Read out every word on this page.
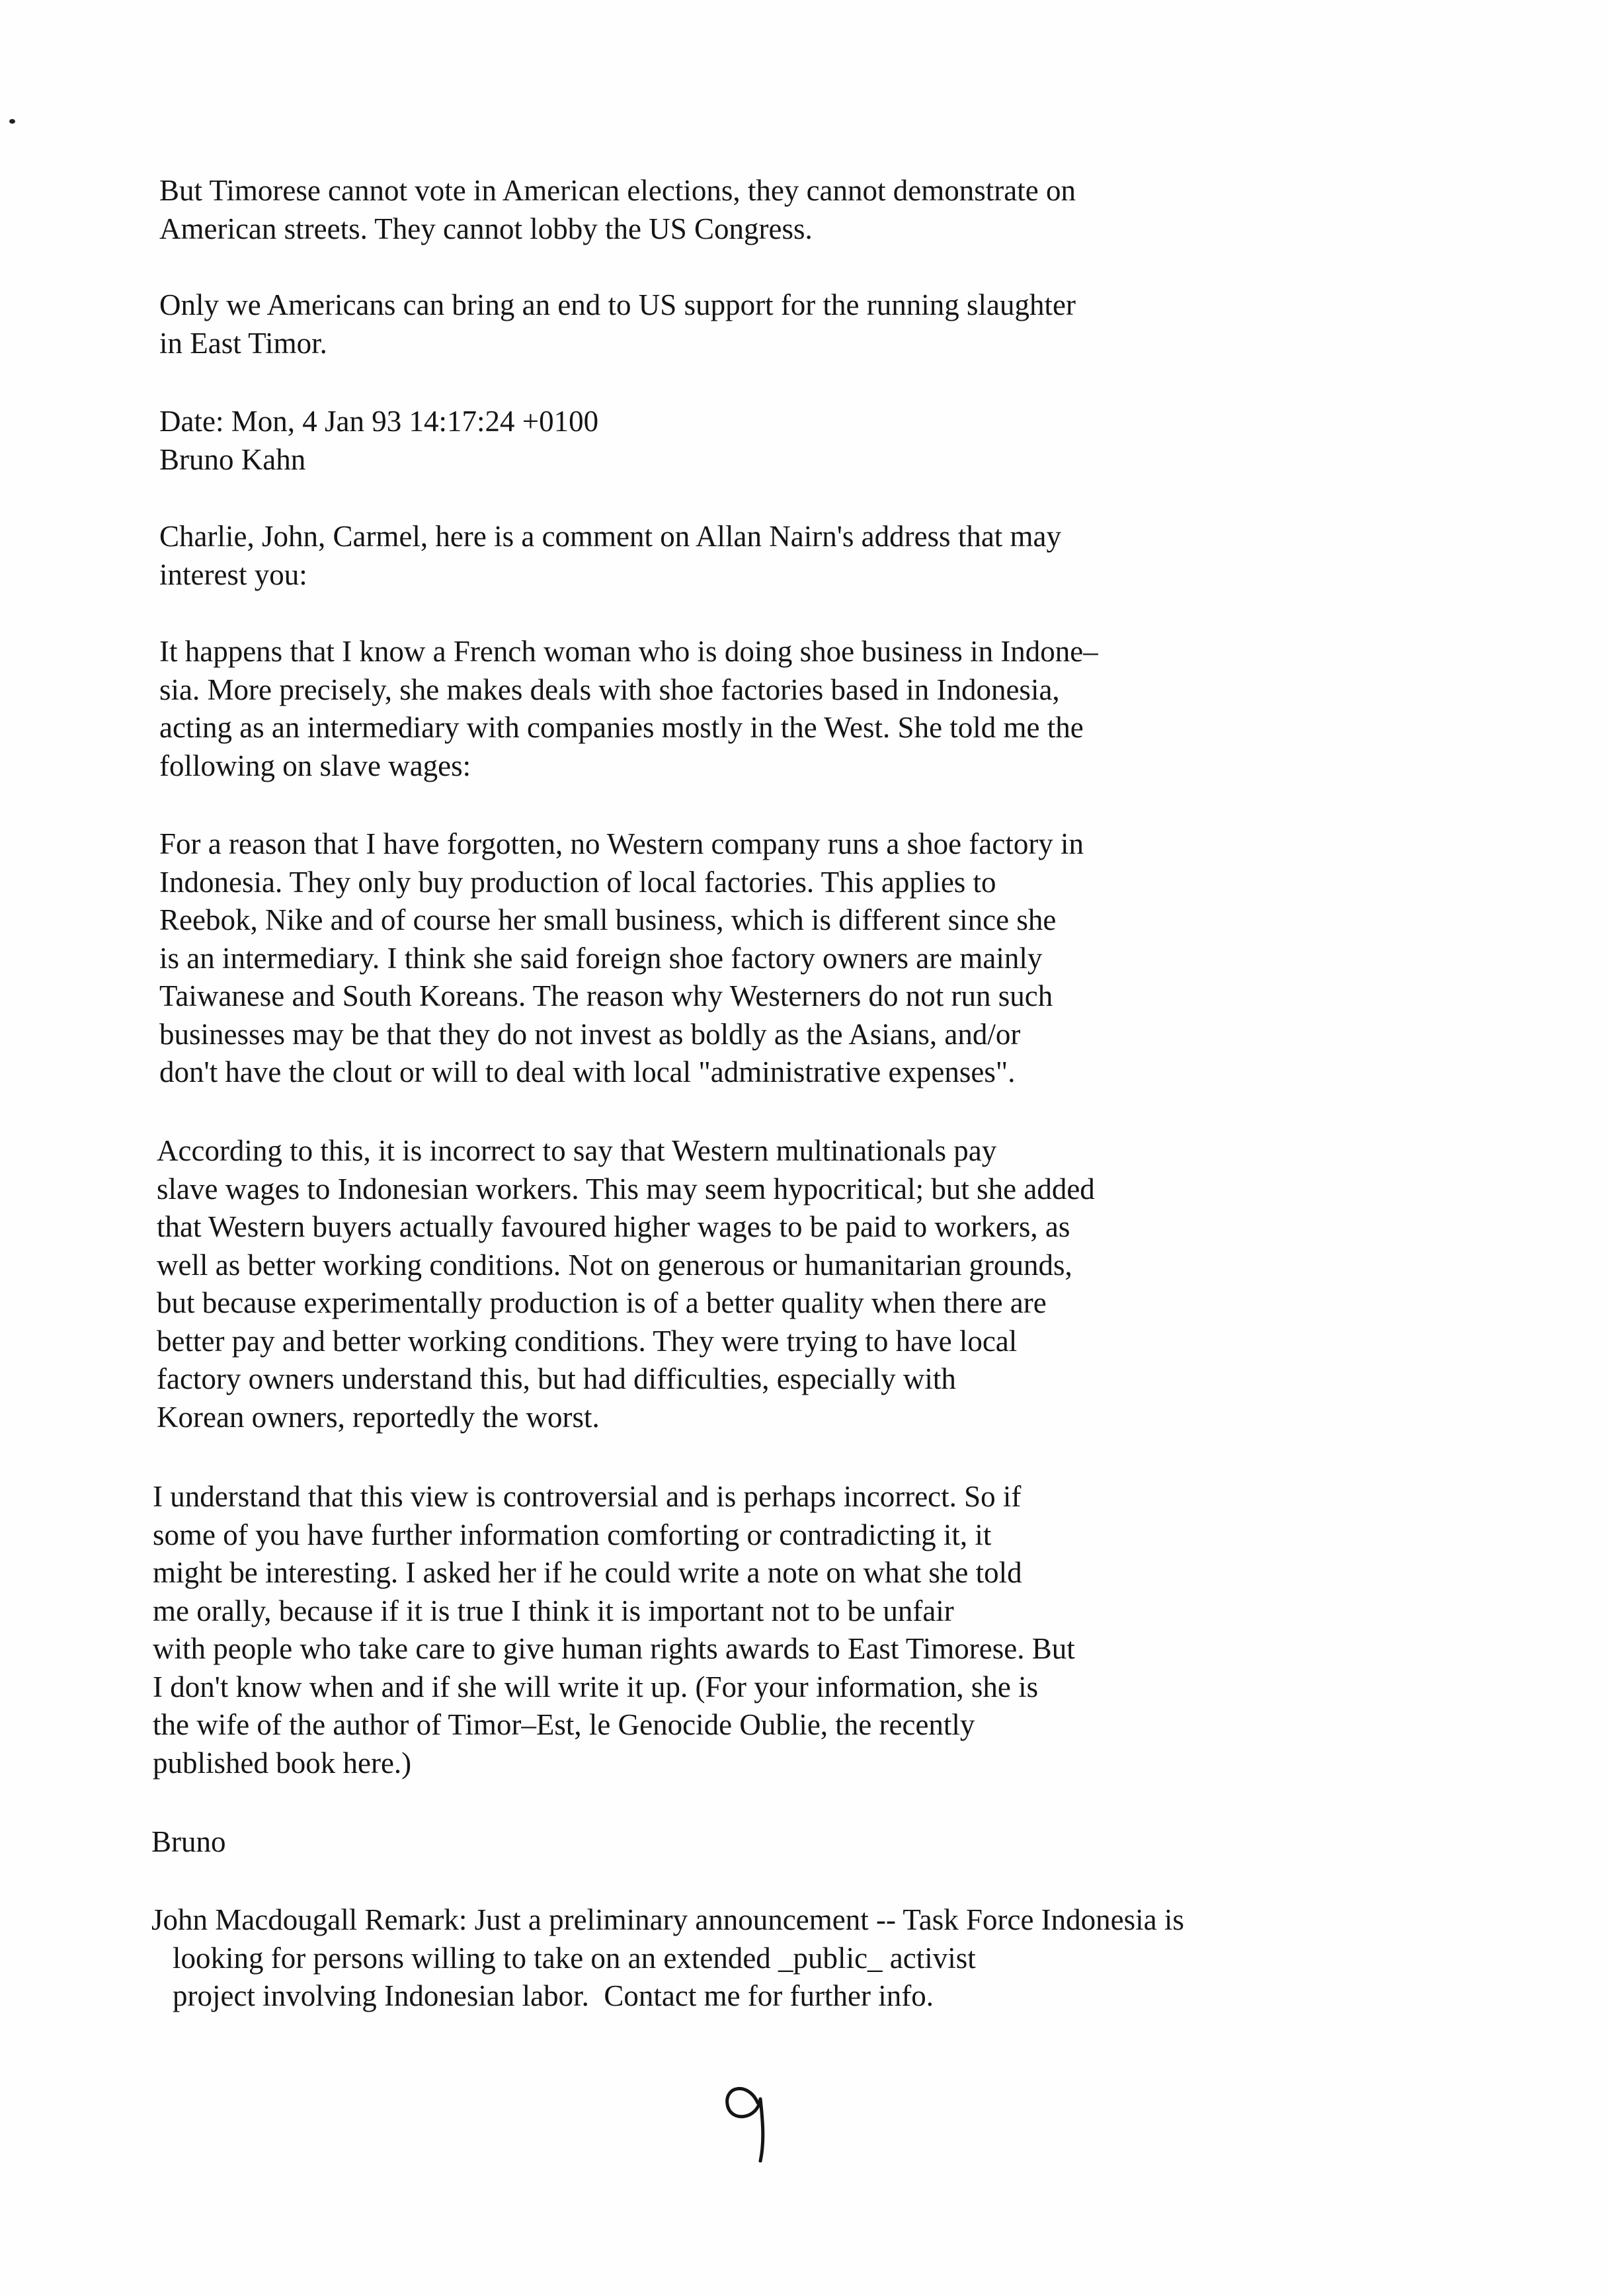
But Timorese cannot vote in American elections, they cannot demonstrate on
American streets. They cannot lobby the US Congress.
Only we Americans can bring an end to US support for the running slaughter
in East Timor.
Date: Mon, 4 Jan 93 14:17:24 +0100
Bruno Kahn
Charlie, John, Carmel, here is a comment on Allan Nairn's address that may
interest you:
It happens that I know a French woman who is doing shoe business in Indone–
sia. More precisely, she makes deals with shoe factories based in Indonesia,
acting as an intermediary with companies mostly in the West. She told me the
following on slave wages:
For a reason that I have forgotten, no Western company runs a shoe factory in
Indonesia. They only buy production of local factories. This applies to
Reebok, Nike and of course her small business, which is different since she
is an intermediary. I think she said foreign shoe factory owners are mainly
Taiwanese and South Koreans. The reason why Westerners do not run such
businesses may be that they do not invest as boldly as the Asians, and/or
don't have the clout or will to deal with local "administrative expenses".
According to this, it is incorrect to say that Western multinationals pay
slave wages to Indonesian workers. This may seem hypocritical; but she added
that Western buyers actually favoured higher wages to be paid to workers, as
well as better working conditions. Not on generous or humanitarian grounds,
but because experimentally production is of a better quality when there are
better pay and better working conditions. They were trying to have local
factory owners understand this, but had difficulties, especially with
Korean owners, reportedly the worst.
I understand that this view is controversial and is perhaps incorrect. So if
some of you have further information comforting or contradicting it, it
might be interesting. I asked her if he could write a note on what she told
me orally, because if it is true I think it is important not to be unfair
with people who take care to give human rights awards to East Timorese. But
I don't know when and if she will write it up. (For your information, she is
the wife of the author of Timor–Est, le Genocide Oublie, the recently
published book here.)
Bruno
John Macdougall Remark: Just a preliminary announcement -- Task Force Indonesia is
looking for persons willing to take on an extended _public_ activist
project involving Indonesian labor.  Contact me for further info.
